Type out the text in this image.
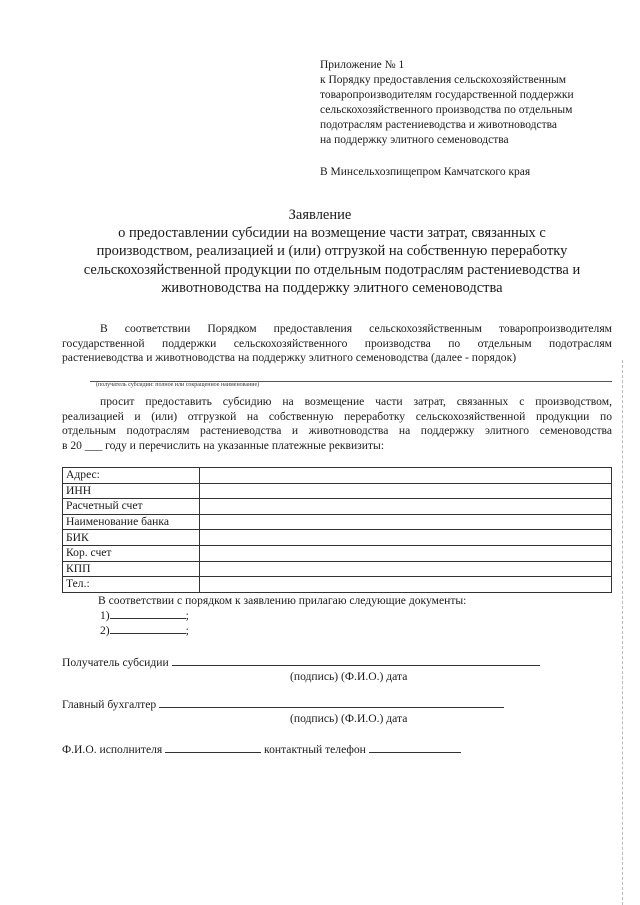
Приложение № 1
к Порядку предоставления сельскохозяйственным
товаропроизводителям государственной поддержки
сельскохозяйственного производства по отдельным
подотраслям растениеводства и животноводства
на поддержку элитного семеноводства
В Минсельхозпищепром Камчатского края
Заявление
о предоставлении субсидии на возмещение части затрат, связанных с
производством, реализацией и (или) отгрузкой на собственную переработку
сельскохозяйственной продукции по отдельным подотраслям растениеводства и
животноводства на поддержку элитного семеноводства
В соответствии Порядком предоставления сельскохозяйственным товаропроизводителям
государственной поддержки сельскохозяйственного производства по отдельным подотраслям
растениеводства и животноводства на поддержку элитного семеноводства (далее - порядок)
(получатель субсидии: полное или сокращенное наименование)
просит предоставить субсидию на возмещение части затрат, связанных с производством,
реализацией и (или) отгрузкой на собственную переработку сельскохозяйственной продукции по
отдельным подотраслям растениеводства и животноводства на поддержку элитного семеноводства
в 20 ___ году и перечислить на указанные платежные реквизиты:
Адрес:	
ИНН	
Расчетный счет	
Наименование банка	
БИК	
Кор. счет	
КПП	
Тел.:	
В соответствии с порядком к заявлению прилагаю следующие документы:
1)	;
2)	;
Получатель субсидии
(подпись) (Ф.И.О.) дата
Главный бухгалтер
(подпись) (Ф.И.О.) дата
Ф.И.О. исполнителя	контактный телефон
